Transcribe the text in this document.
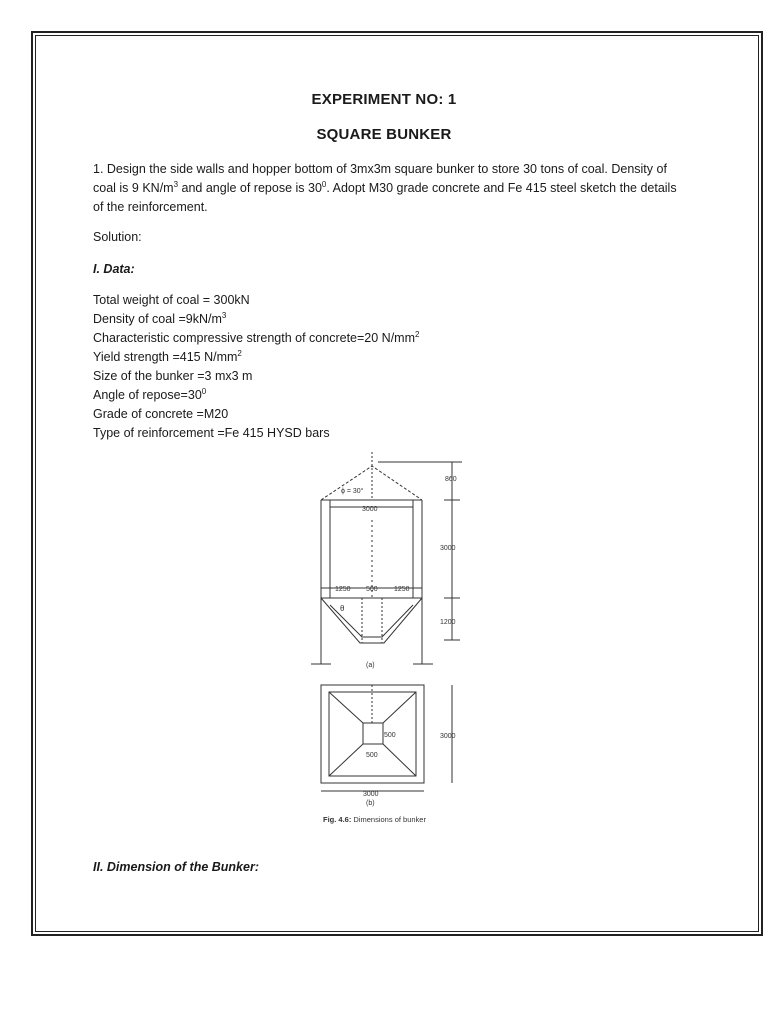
EXPERIMENT NO: 1
SQUARE BUNKER
1. Design the side walls and hopper bottom of 3mx3m square bunker to store 30 tons of coal. Density of
coal is 9 $KN/m^3$ and angle of repose is $30^0$. Adopt M30 grade concrete and Fe 415 steel sketch the details
of the reinforcement.
Solution:
I. Data:
Total weight of coal = 300kN
Density of coal $=9kN/m^3$
Characteristic compressive strength of concrete=20 $N/mm^2$
Yield strength =415 $N/mm^2$
Size of the bunker =3 mx3 m
Angle of $repose=30^0$
Grade of concrete =M20
Type of reinforcement =Fe 415 HYSD bars
ϕ = 30°
860
3000
3000
1250 500 1250
1200
θ
(a)
500
500
3000
3000
(b)
Fig. 4.6: Dimensions of bunker
II. Dimension of the Bunker:
